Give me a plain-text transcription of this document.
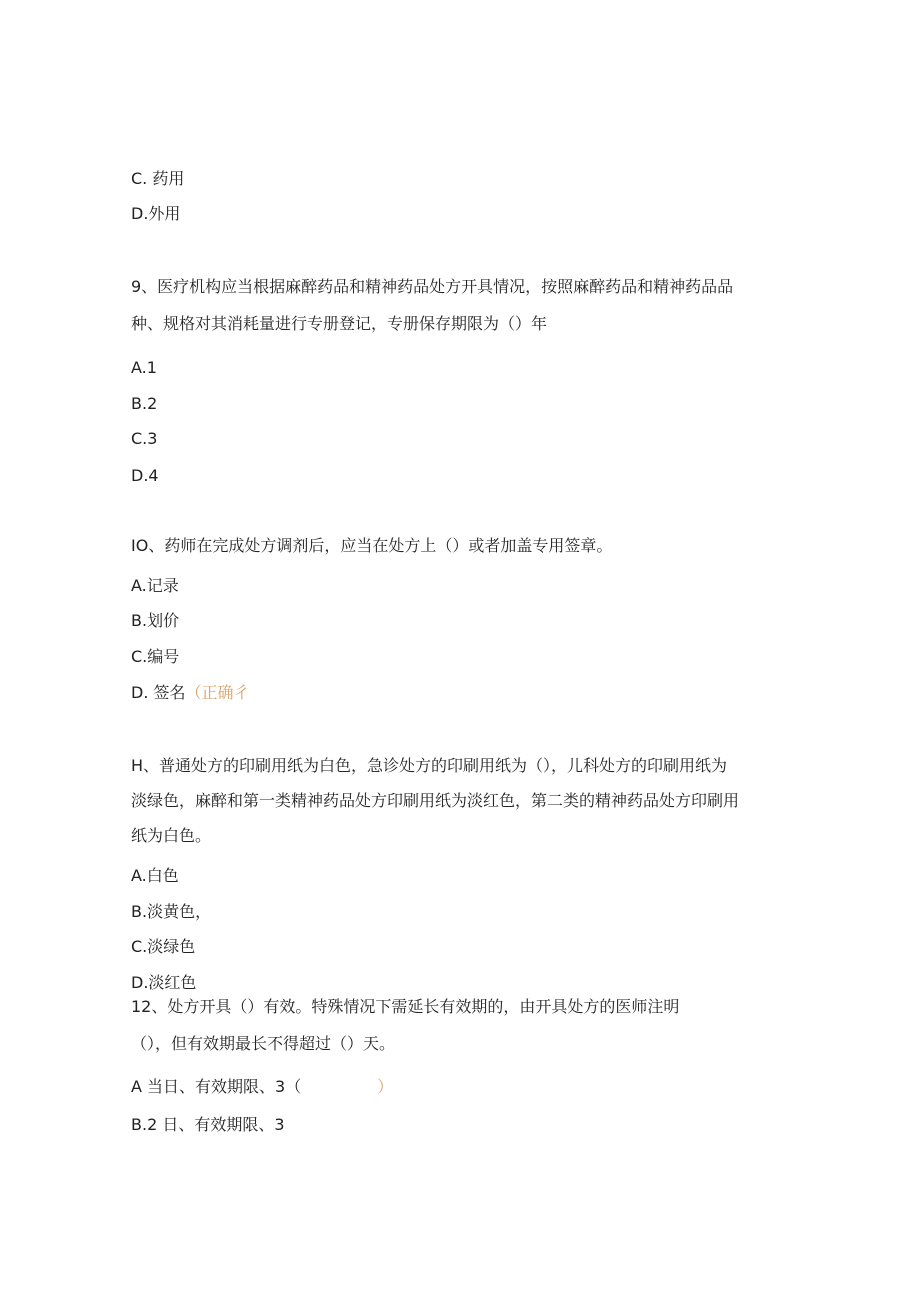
C. 药用
D.外用
9、医疗机构应当根据麻醉药品和精神药品处方开具情况，按照麻醉药品和精神药品品
种、规格对其消耗量进行专册登记，专册保存期限为（）年
A.1
B.2
C.3
D.4
IO、药师在完成处方调剂后，应当在处方上（）或者加盖专用签章。
A.记录
B.划价
C.编号
D. 签名（正确彳
H、普通处方的印刷用纸为白色，急诊处方的印刷用纸为（），儿科处方的印刷用纸为
淡绿色，麻醉和第一类精神药品处方印刷用纸为淡红色，第二类的精神药品处方印刷用
纸为白色。
A.白色
B.淡黄色，
C.淡绿色
D.淡红色
12、处方开具（）有效。特殊情况下需延长有效期的，由开具处方的医师注明
（），但有效期最长不得超过（）天。
A 当日、有效期限、3（	）
B.2 日、有效期限、3
